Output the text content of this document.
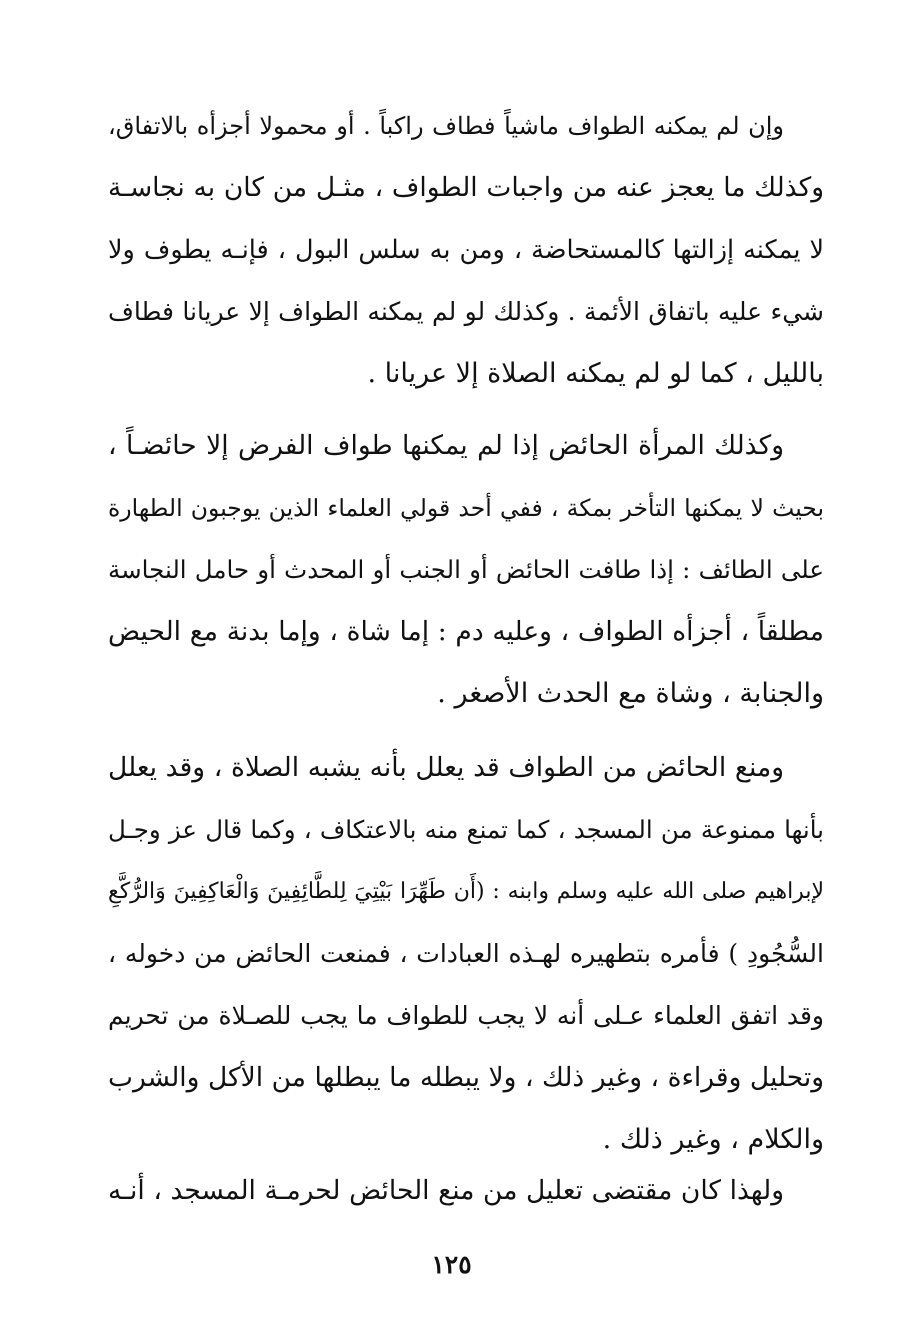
وإن لم يمكنه الطواف ماشياً فطاف راكباً . أو محمولا أجزأه بالاتفاق،
وكذلك ما يعجز عنه من واجبات الطواف ، مثـل من كان به نجاسـة
لا يمكنه إزالتها كالمستحاضة ، ومن به سلس البول ، فإنـه يطوف ولا
شيء عليه باتفاق الأئمة . وكذلك لو لم يمكنه الطواف إلا عريانا فطاف
بالليل ، كما لو لم يمكنه الصلاة إلا عريانا .
وكذلك المرأة الحائض إذا لم يمكنها طواف الفرض إلا حائضـاً ،
بحيث لا يمكنها التأخر بمكة ، ففي أحد قولي العلماء الذين يوجبون الطهارة
على الطائف : إذا طافت الحائض أو الجنب أو المحدث أو حامل النجاسة
مطلقاً ، أجزأه الطواف ، وعليه دم : إما شاة ، وإما بدنة مع الحيض
والجنابة ، وشاة مع الحدث الأصغر .
ومنع الحائض من الطواف قد يعلل بأنه يشبه الصلاة ، وقد يعلل
بأنها ممنوعة من المسجد ، كما تمنع منه بالاعتكاف ، وكما قال عز وجـل
لإبراهيم صلى الله عليه وسلم وابنه : (أَن طَهِّرَا بَيْتِيَ لِلطَّائِفِينَ وَالْعَاكِفِينَ وَالرُّكَّعِ
السُّجُودِ ) فأمره بتطهيره لهـذه العبادات ، فمنعت الحائض من دخوله ،
وقد اتفق العلماء عـلى أنه لا يجب للطواف ما يجب للصـلاة من تحريم
وتحليل وقراءة ، وغير ذلك ، ولا يبطله ما يبطلها من الأكل والشرب
والكلام ، وغير ذلك .
ولهذا كان مقتضى تعليل من منع الحائض لحرمـة المسجد ، أنـه
١٢٥
